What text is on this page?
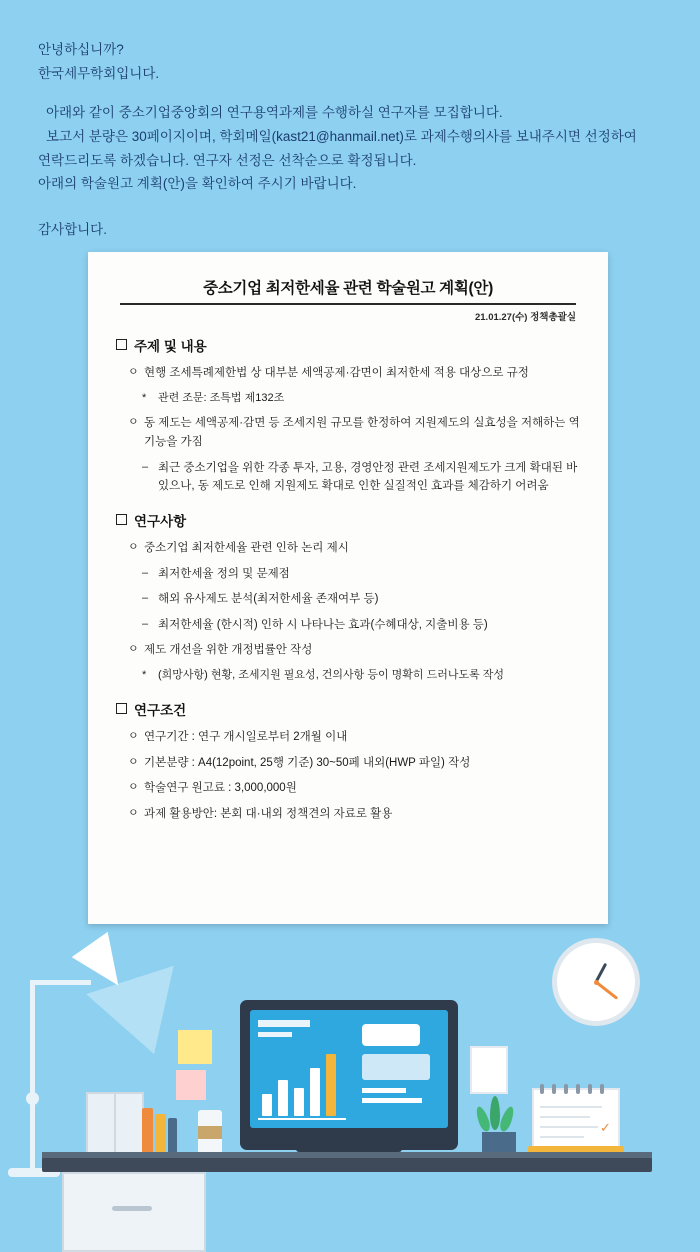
안녕하십니까?

한국세무학회입니다.

아래와 같이 중소기업중앙회의 연구용역과제를 수행하실 연구자를 모집합니다.

보고서 분량은 30페이지이며, 학회메일(kast21@hanmail.net)로 과제수행의사를 보내주시면 선정하여

연락드리도록 하겠습니다. 연구자 선정은 선착순으로 확정됩니다.

아래의 학술원고 계획(안)을 확인하여 주시기 바랍니다.

감사합니다.

중소기업 최저한세율 관련 학술원고 계획(안)
21.01.27(수) 정책총괄실
주제 및 내용
ㅇ 현행 조세특례제한법 상 대부분 세액공제·감면이 최저한세 적용 대상으로 규정
* 관련 조문: 조특법 제132조
ㅇ 동 제도는 세액공제·감면 등 조세지원 규모를 한정하여 지원제도의 실효성을 저해하는 역기능을 가짐
– 최근 중소기업을 위한 각종 투자, 고용, 경영안정 관련 조세지원제도가 크게 확대된 바 있으나, 동 제도로 인해 지원제도 확대로 인한 실질적인 효과를 체감하기 어려움
연구사항
ㅇ 중소기업 최저한세율 관련 인하 논리 제시
– 최저한세율 정의 및 문제점
– 해외 유사제도 분석(최저한세율 존재여부 등)
– 최저한세율 (한시적) 인하 시 나타나는 효과(수혜대상, 지출비용 등)
ㅇ 제도 개선을 위한 개정법률안 작성
* (희망사항) 현황, 조세지원 필요성, 건의사항 등이 명확히 드러나도록 작성
연구조건
ㅇ 연구기간 : 연구 개시일로부터 2개월 이내
ㅇ 기본분량 : A4(12point, 25행 기준) 30~50페 내외(HWP 파일) 작성
ㅇ 학술연구 원고료 : 3,000,000원
ㅇ 과제 활용방안: 본회 대·내외 정책견의 자료로 활용
✓
